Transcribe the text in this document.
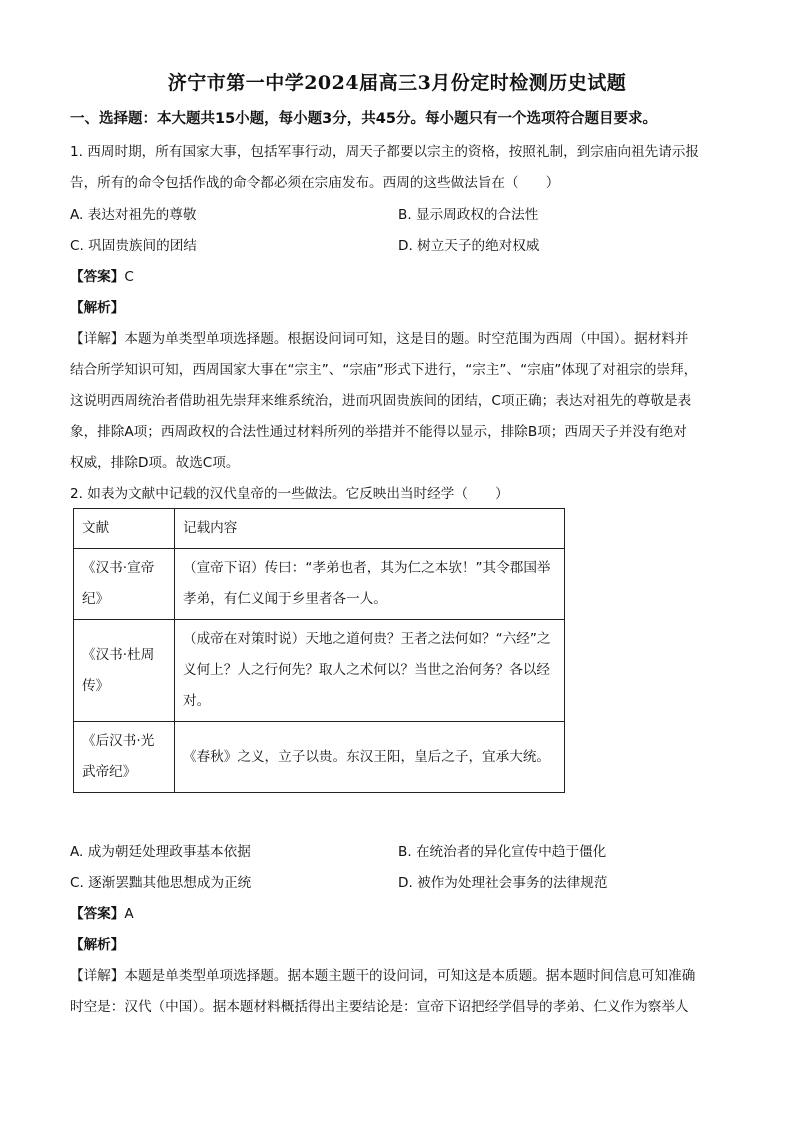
济宁市第一中学2024届高三3月份定时检测历史试题
一、选择题：本大题共15小题，每小题3分，共45分。每小题只有一个选项符合题目要求。
1. 西周时期，所有国家大事，包括军事行动，周天子都要以宗主的资格，按照礼制，到宗庙向祖先请示报
告，所有的命令包括作战的命令都必须在宗庙发布。西周的这些做法旨在（　　）
A. 表达对祖先的尊敬	B. 显示周政权的合法性
C. 巩固贵族间的团结	D. 树立天子的绝对权威
【答案】C
【解析】
【详解】本题为单类型单项选择题。根据设问词可知，这是目的题。时空范围为西周（中国）。据材料并
结合所学知识可知，西周国家大事在“宗主”、“宗庙”形式下进行，“宗主”、“宗庙”体现了对祖宗的崇拜，
这说明西周统治者借助祖先崇拜来维系统治，进而巩固贵族间的团结，C项正确；表达对祖先的尊敬是表
象，排除A项；西周政权的合法性通过材料所列的举措并不能得以显示，排除B项；西周天子并没有绝对
权威，排除D项。故选C项。
2. 如表为文献中记载的汉代皇帝的一些做法。它反映出当时经学（　　）
文献	记载内容
《汉书·宣帝纪》	（宣帝下诏）传曰：“孝弟也者，其为仁之本欤！”其令郡国举孝弟，有仁义闻于乡里者各一人。
《汉书·杜周传》	（成帝在对策时说）天地之道何贵？王者之法何如？“六经”之义何上？人之行何先？取人之术何以？当世之治何务？各以经对。
《后汉书·光武帝纪》	《春秋》之义，立子以贵。东汉王阳，皇后之子，宜承大统。
A. 成为朝廷处理政事基本依据	B. 在统治者的异化宣传中趋于僵化
C. 逐渐罢黜其他思想成为正统	D. 被作为处理社会事务的法律规范
【答案】A
【解析】
【详解】本题是单类型单项选择题。据本题主题干的设问词，可知这是本质题。据本题时间信息可知准确
时空是：汉代（中国）。据本题材料概括得出主要结论是：宣帝下诏把经学倡导的孝弟、仁义作为察举人
